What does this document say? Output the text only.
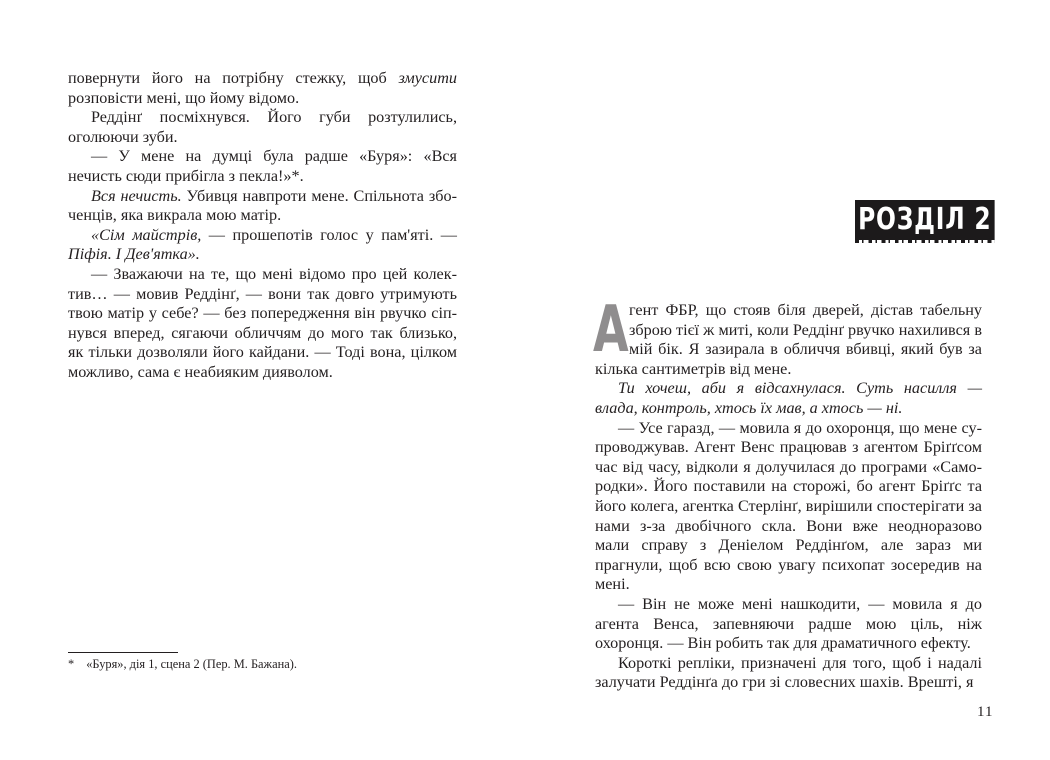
повернути його на потрібну стежку, щоб змусити розповісти мені, що йому відомо.

Реддінґ посміхнувся. Його губи розтулились, оголюючи зуби.

— У мене на думці була радше «Буря»: «Вся нечисть сюди прибігла з пекла!»*.

Вся нечисть. Убивця навпроти мене. Спільнота збоченців, яка викрала мою матір.

«Сім майстрів, — прошепотів голос у пам'яті. — Піфія. І Дев'ятка».

— Зважаючи на те, що мені відомо про цей колектив… — мовив Реддінґ, — вони так довго утримують твою матір у себе? — без попередження він рвучко сіпнувся вперед, сягаючи обличчям до мого так близько, як тільки дозволяли його кайдани. — Тоді вона, цілком можливо, сама є неабияким дияволом.

* «Буря», дія 1, сцена 2 (Пер. М. Бажана).
РОЗДІЛ 2
А гент ФБР, що стояв біля дверей, дістав табельну зброю тієї ж миті, коли Реддінґ рвучко нахилився в мій бік. Я зазирала в обличчя вбивці, який був за кілька сантиметрів від мене.

Ти хочеш, аби я відсахнулася. Суть насилля — влада, контроль, хтось їх мав, а хтось — ні.

— Усе гаразд, — мовила я до охоронця, що мене супроводжував. Агент Венс працював з агентом Бріґґсом час від часу, відколи я долучилася до програми «Самородки». Його поставили на сторожі, бо агент Бріґґс та його колега, агентка Стерлінґ, вирішили спостерігати за нами з-за двобічного скла. Вони вже неодноразово мали справу з Деніелом Реддінґом, але зараз ми прагнули, щоб всю свою увагу психопат зосередив на мені.

— Він не може мені нашкодити, — мовила я до агента Венса, запевняючи радше мою ціль, ніж охоронця. — Він робить так для драматичного ефекту.

Короткі репліки, призначені для того, щоб і надалі залучати Реддінґа до гри зі словесних шахів. Врешті, я

11
